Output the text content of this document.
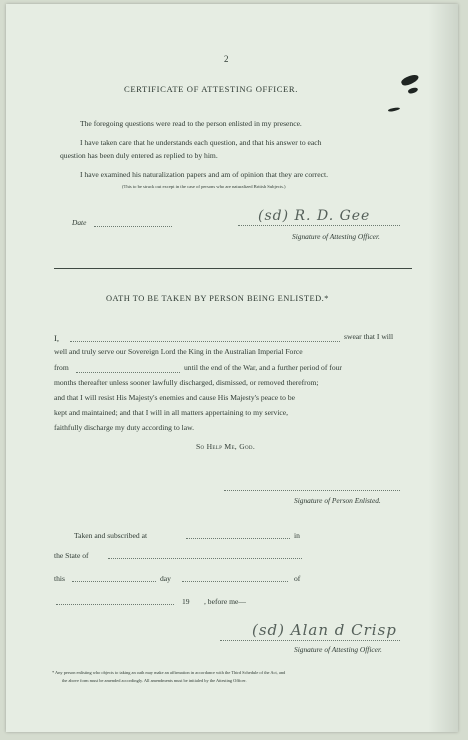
2
CERTIFICATE OF ATTESTING OFFICER.
The foregoing questions were read to the person enlisted in my presence.
I have taken care that he understands each question, and that his answer to each
question has been duly entered as replied to by him.
I have examined his naturalization papers and am of opinion that they are correct.
(This to be struck out except in the case of persons who are naturalized British Subjects.)
Date	(sd) R. D. Gee
Signature of Attesting Officer.
OATH TO BE TAKEN BY PERSON BEING ENLISTED.*
I,	swear that I will
well and truly serve our Sovereign Lord the King in the Australian Imperial Force
from	until the end of the War, and a further period of four
months thereafter unless sooner lawfully discharged, dismissed, or removed therefrom;
and that I will resist His Majesty's enemies and cause His Majesty's peace to be
kept and maintained; and that I will in all matters appertaining to my service,
faithfully discharge my duty according to law.
So Help Me, God.
Signature of Person Enlisted.
Taken and subscribed at	in
the State of
this	day	of
19 , before me—
(sd) Alan d Crisp
Signature of Attesting Officer.
* Any person enlisting who objects to taking an oath may make an affirmation in accordance with the Third Schedule of the Act, and
the above form must be amended accordingly. All amendments must be initialed by the Attesting Officer.
